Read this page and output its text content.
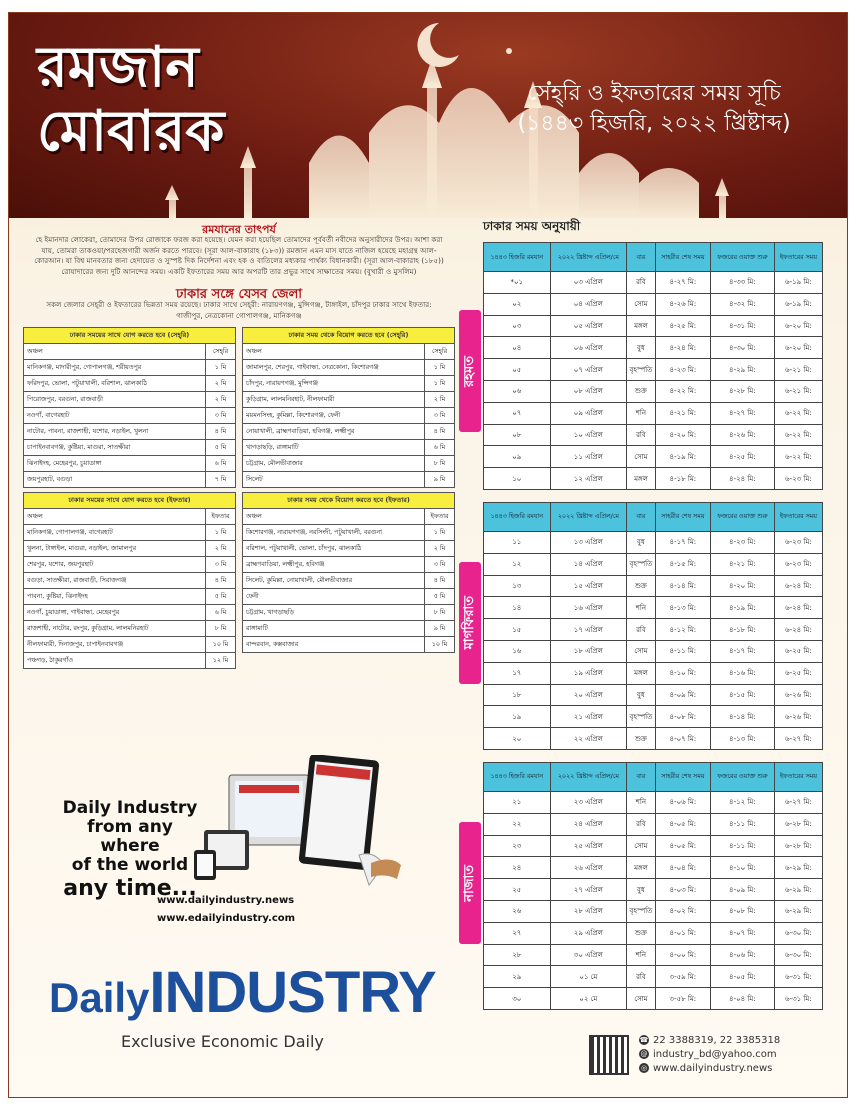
রমজান
মোবারক
সেহ্‌রি ও ইফতারের সময় সূচি
(১৪৪৩ হিজরি, ২০২২ খ্রিষ্টাব্দ)
রমযানের তাৎপর্য
হে ইমানদার লোকেরা, তোমাদের উপর রোজাকে ফরজ করা হয়েছে। যেমন করা হয়েছিল তোমাদের পূর্ববর্তী নবীদের অনুসারীদের উপর। আশা করা যায়, তোমরা তাকওয়া/পরহেজগারী অর্জন করতে পারবে। (সূরা আল-বাকারাহ (১৮৩)) রমজান এমন মাস যাতে নাজিল হয়েছে মহাগ্রন্থ আল-কোরআন। যা বিশ্ব মানবতার জন্য হেদায়েত ও সুস্পষ্ট দিক নির্দেশনা এবং হক ও বাতিলের মধ্যকার পার্থক্য বিধানকারী। (সূরা আল-বাকারাহ (১৮৫)) রোযাদারের জন্য দুটি আনন্দের সময়। একটি ইফতারের সময় আর অপরটি তার প্রভুর সাথে সাক্ষাতের সময়। (বুখারী ও মুসলিম)
ঢাকার সঙ্গে যেসব জেলা
সকল জেলার সেহ্‌রী ও ইফতারের ভিন্নতা সময় রয়েছে। ঢাকার সাথে সেহ্‌রী: নারায়ণগঞ্জ, মুন্সিগঞ্জ, টাঙ্গাইল, চাঁদপুর ঢাকার সাথে ইফতার: গাজীপুর, নেত্রকোনা গোপালগঞ্জ, মানিকগঞ্জ
ঢাকার সময়ের সাথে যোগ করতে হবে (সেহ্‌রি)	
অঞ্চল	সেহ্‌রি
মানিকগঞ্জ, মাদারীপুর, গোপালগঞ্জ, শরীয়তপুর	১ মি
ফরিদপুর, ভোলা, পটুয়াখালী, বরিশাল, ঝালকাঠি	২ মি
পিরোজপুর, বরগুনা, রাজবাড়ী	২ মি
নওগাঁ, বাগেরহাট	৩ মি
নাটোর, পাবনা, রাজশাহী, যশোর, নড়াইল, খুলনা	৪ মি
চাপাইনবাবগঞ্জ, কুষ্টিয়া, মাগুরা, সাতক্ষীরা	৫ মি
ঝিনাইদহ, মেহেরপুর, চুয়াডাঙ্গা	৬ মি
জয়পুরহাট, বগুড়া	৭ মি
ঢাকার সময়ের সাথে যোগ করতে হবে (ইফতার)	
অঞ্চল	ইফতার
মানিকগঞ্জ, গোপালগঞ্জ, বাগেরহাট	১ মি
খুলনা, টাঙ্গাইল, মাগুরা, নড়াইল, জামালপুর	২ মি
শেরপুর, যশোর, জয়পুরহাট	৩ মি
বগুড়া, সাতক্ষীরা, রাজবাড়ী, সিরাজগঞ্জ	৪ মি
পাবনা, কুষ্টিয়া, ঝিনাইদহ	৫ মি
নওগাঁ, চুয়াডাঙ্গা, গাইবান্ধা, মেহেরপুর	৬ মি
রাজশাহী, নাটোর, রংপুর, কুড়িগ্রাম, লালমনিরহাট	৮ মি
নীলফামারী, দিনাজপুর, চাপাইনবাবগঞ্জ	১০ মি
পঞ্চগড়, ঠাকুরগাঁও	১২ মি
ঢাকার সময় থেকে বিয়োগ করতে হবে (সেহ্‌রি)	
অঞ্চল	সেহ্‌রি
জামালপুর, শেরপুর, গাইবান্ধা, নেত্রকোনা, কিশোরগঞ্জ	১ মি
চাঁদপুর, নারায়ণগঞ্জ, মুন্সিগঞ্জ	১ মি
কুড়িগ্রাম, লালমনিরহাট, নীলফামারী	২ মি
ময়মনসিংহ, কুমিল্লা, কিশোরগঞ্জ, ফেনী	৩ মি
নোয়াখালী, ব্রাহ্মণবাড়িয়া, হবিগঞ্জ, লক্ষ্মীপুর	৪ মি
খাগড়াছড়ি, রাঙ্গামাটি	৬ মি
চট্টগ্রাম, মৌলভীবাজার	৮ মি
সিলেট	৯ মি
ঢাকার সময় থেকে বিয়োগ করতে হবে (ইফতার)	
অঞ্চল	ইফতার
কিশোরগঞ্জ, নারায়ণগঞ্জ, নরসিংদী, পটুয়াখালী, বরগুনা	১ মি
বরিশাল, পটুয়াখালী, ভোলা, চাঁদপুর, ঝালকাঠি	২ মি
ব্রাহ্মণবাড়িয়া, লক্ষ্মীপুর, হবিগঞ্জ	৩ মি
সিলেট, কুমিল্লা, নোয়াখালী, মৌলভীবাজার	৪ মি
ফেনী	৫ মি
চট্টগ্রাম, খাগড়াছড়ি	৮ মি
রাঙ্গামাটি	৯ মি
বান্দরবান, কক্সবাজার	১০ মি
Daily Industry
from any where
of the world
any time...
www.dailyindustry.news
www.edailyindustry.com
DailyINDUSTRY
Exclusive Economic Daily
ঢাকার সময় অনুযায়ী
রহমত
১৪৪৩ হিজরি রমযান	২০২২ খ্রিষ্টাব্দ এপ্রিল/মে	বার	সাহরীর শেষ সময়	ফজরের ওয়াক্ত শুরু	ইফতারের সময়
*০১	০৩ এপ্রিল	রবি	৪-২৭ মি:	৪-৩৩ মি:	৬-১৯ মি:
০২	০৪ এপ্রিল	সোম	৪-২৬ মি:	৪-৩২ মি:	৬-১৯ মি:
০৩	০৫ এপ্রিল	মঙ্গল	৪-২৫ মি:	৪-৩১ মি:	৬-২০ মি:
০৪	০৬ এপ্রিল	বুধ	৪-২৪ মি:	৪-৩০ মি:	৬-২০ মি:
০৫	০৭ এপ্রিল	বৃহস্পতি	৪-২৩ মি:	৪-২৯ মি:	৬-২১ মি:
০৬	০৮ এপ্রিল	শুক্র	৪-২২ মি:	৪-২৮ মি:	৬-২১ মি:
০৭	০৯ এপ্রিল	শনি	৪-২১ মি:	৪-২৭ মি:	৬-২২ মি:
০৮	১০ এপ্রিল	রবি	৪-২০ মি:	৪-২৬ মি:	৬-২২ মি:
০৯	১১ এপ্রিল	সোম	৪-১৯ মি:	৪-২৫ মি:	৬-২২ মি:
১০	১২ এপ্রিল	মঙ্গল	৪-১৮ মি:	৪-২৪ মি:	৬-২৩ মি:
মাগফিরাত
১৪৪৩ হিজরি রমযান	২০২২ খ্রিষ্টাব্দ এপ্রিল/মে	বার	সাহরীর শেষ সময়	ফজরের ওয়াক্ত শুরু	ইফতারের সময়
১১	১৩ এপ্রিল	বুধ	৪-১৭ মি:	৪-২৩ মি:	৬-২৩ মি:
১২	১৪ এপ্রিল	বৃহস্পতি	৪-১৫ মি:	৪-২১ মি:	৬-২৩ মি:
১৩	১৫ এপ্রিল	শুক্র	৪-১৪ মি:	৪-২০ মি:	৬-২৪ মি:
১৪	১৬ এপ্রিল	শনি	৪-১৩ মি:	৪-১৯ মি:	৬-২৪ মি:
১৫	১৭ এপ্রিল	রবি	৪-১২ মি:	৪-১৮ মি:	৬-২৪ মি:
১৬	১৮ এপ্রিল	সোম	৪-১১ মি:	৪-১৭ মি:	৬-২৫ মি:
১৭	১৯ এপ্রিল	মঙ্গল	৪-১০ মি:	৪-১৬ মি:	৬-২৫ মি:
১৮	২০ এপ্রিল	বুধ	৪-০৯ মি:	৪-১৫ মি:	৬-২৬ মি:
১৯	২১ এপ্রিল	বৃহস্পতি	৪-০৮ মি:	৪-১৪ মি:	৬-২৬ মি:
২০	২২ এপ্রিল	শুক্র	৪-০৭ মি:	৪-১৩ মি:	৬-২৭ মি:
নাজাত
১৪৪৩ হিজরি রমযান	২০২২ খ্রিষ্টাব্দ এপ্রিল/মে	বার	সাহরীর শেষ সময়	ফজরের ওয়াক্ত শুরু	ইফতারের সময়
২১	২৩ এপ্রিল	শনি	৪-০৬ মি:	৪-১২ মি:	৬-২৭ মি:
২২	২৪ এপ্রিল	রবি	৪-০৫ মি:	৪-১১ মি:	৬-২৮ মি:
২৩	২৫ এপ্রিল	সোম	৪-০৫ মি:	৪-১১ মি:	৬-২৮ মি:
২৪	২৬ এপ্রিল	মঙ্গল	৪-০৪ মি:	৪-১০ মি:	৬-২৯ মি:
২৫	২৭ এপ্রিল	বুধ	৪-০৩ মি:	৪-০৯ মি:	৬-২৯ মি:
২৬	২৮ এপ্রিল	বৃহস্পতি	৪-০২ মি:	৪-০৮ মি:	৬-২৯ মি:
২৭	২৯ এপ্রিল	শুক্র	৪-০১ মি:	৪-০৭ মি:	৬-৩০ মি:
২৮	৩০ এপ্রিল	শনি	৪-০০ মি:	৪-০৬ মি:	৬-৩০ মি:
২৯	০১ মে	রবি	৩-৫৯ মি:	৪-০৫ মি:	৬-৩১ মি:
৩০	০২ মে	সোম	৩-৫৮ মি:	৪-০৪ মি:	৬-৩১ মি:
☎ 22 3388319, 22 3385318
@ industry_bd@yahoo.com
◎ www.dailyindustry.news
